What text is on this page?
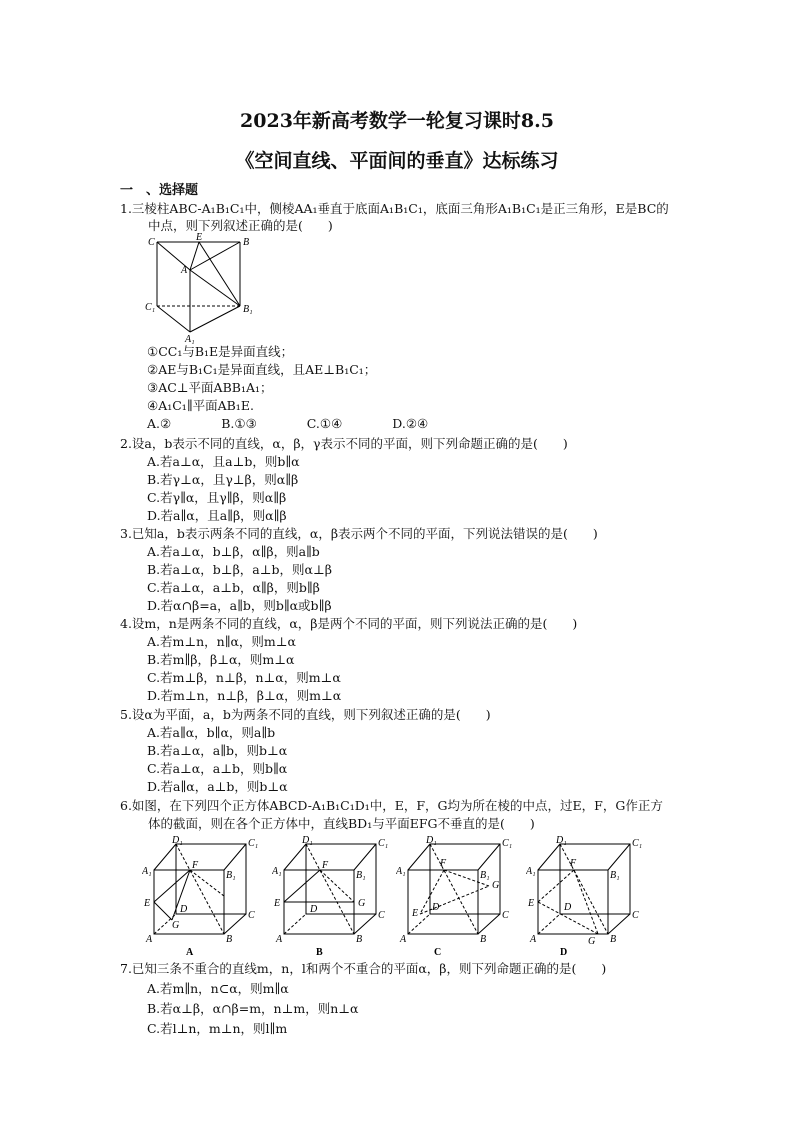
2023年新高考数学一轮复习课时8.5
《空间直线、平面间的垂直》达标练习
一　、选择题
1.三棱柱ABC-A₁B₁C₁中，侧棱AA₁垂直于底面A₁B₁C₁，底面三角形A₁B₁C₁是正三角形，E是BC的
中点，则下列叙述正确的是(　　)
C	E	B
A
C₁	B₁
A₁
①CC₁与B₁E是异面直线；
②AE与B₁C₁是异面直线，且AE⊥B₁C₁；
③AC⊥平面ABB₁A₁；
④A₁C₁∥平面AB₁E.
A.②　　　　B.①③　　　　C.①④　　　　D.②④
2.设a，b表示不同的直线，α，β，γ表示不同的平面，则下列命题正确的是(　　)
A.若a⊥α，且a⊥b，则b∥α
B.若γ⊥α，且γ⊥β，则α∥β
C.若γ∥α，且γ∥β，则α∥β
D.若a∥α，且a∥β，则α∥β
3.已知a，b表示两条不同的直线，α，β表示两个不同的平面，下列说法错误的是(　　)
A.若a⊥α，b⊥β，α∥β，则a∥b
B.若a⊥α，b⊥β，a⊥b，则α⊥β
C.若a⊥α，a⊥b，α∥β，则b∥β
D.若α∩β=a，a∥b，则b∥α或b∥β
4.设m，n是两条不同的直线，α，β是两个不同的平面，则下列说法正确的是(　　)
A.若m⊥n，n∥α，则m⊥α
B.若m∥β，β⊥α，则m⊥α
C.若m⊥β，n⊥β，n⊥α，则m⊥α
D.若m⊥n，n⊥β，β⊥α，则m⊥α
5.设α为平面，a，b为两条不同的直线，则下列叙述正确的是(　　)
A.若a∥α，b∥α，则a∥b
B.若a⊥α，a∥b，则b⊥α
C.若a⊥α，a⊥b，则b∥α
D.若a∥α，a⊥b，则b⊥α
6.如图，在下列四个正方体ABCD-A₁B₁C₁D₁中，E，F，G均为所在棱的中点，过E，F，G作正方
体的截面，则在各个正方体中，直线BD₁与平面EFG不垂直的是(　　)
D₁	C₁
A₁	B₁
F
E
D
G
C
A	B
A
D₁	C₁
A₁	B₁
F
E
D
G
C
A	B
B
D₁	C₁
A₁	B₁
F
E
D
G
C
A	B
C
D₁	C₁
A₁	B₁
F
E	D
G
C
A	B
D
7.已知三条不重合的直线m，n，l和两个不重合的平面α，β，则下列命题正确的是(　　)
A.若m∥n，n⊂α，则m∥α
B.若α⊥β，α∩β=m，n⊥m，则n⊥α
C.若l⊥n，m⊥n，则l∥m
